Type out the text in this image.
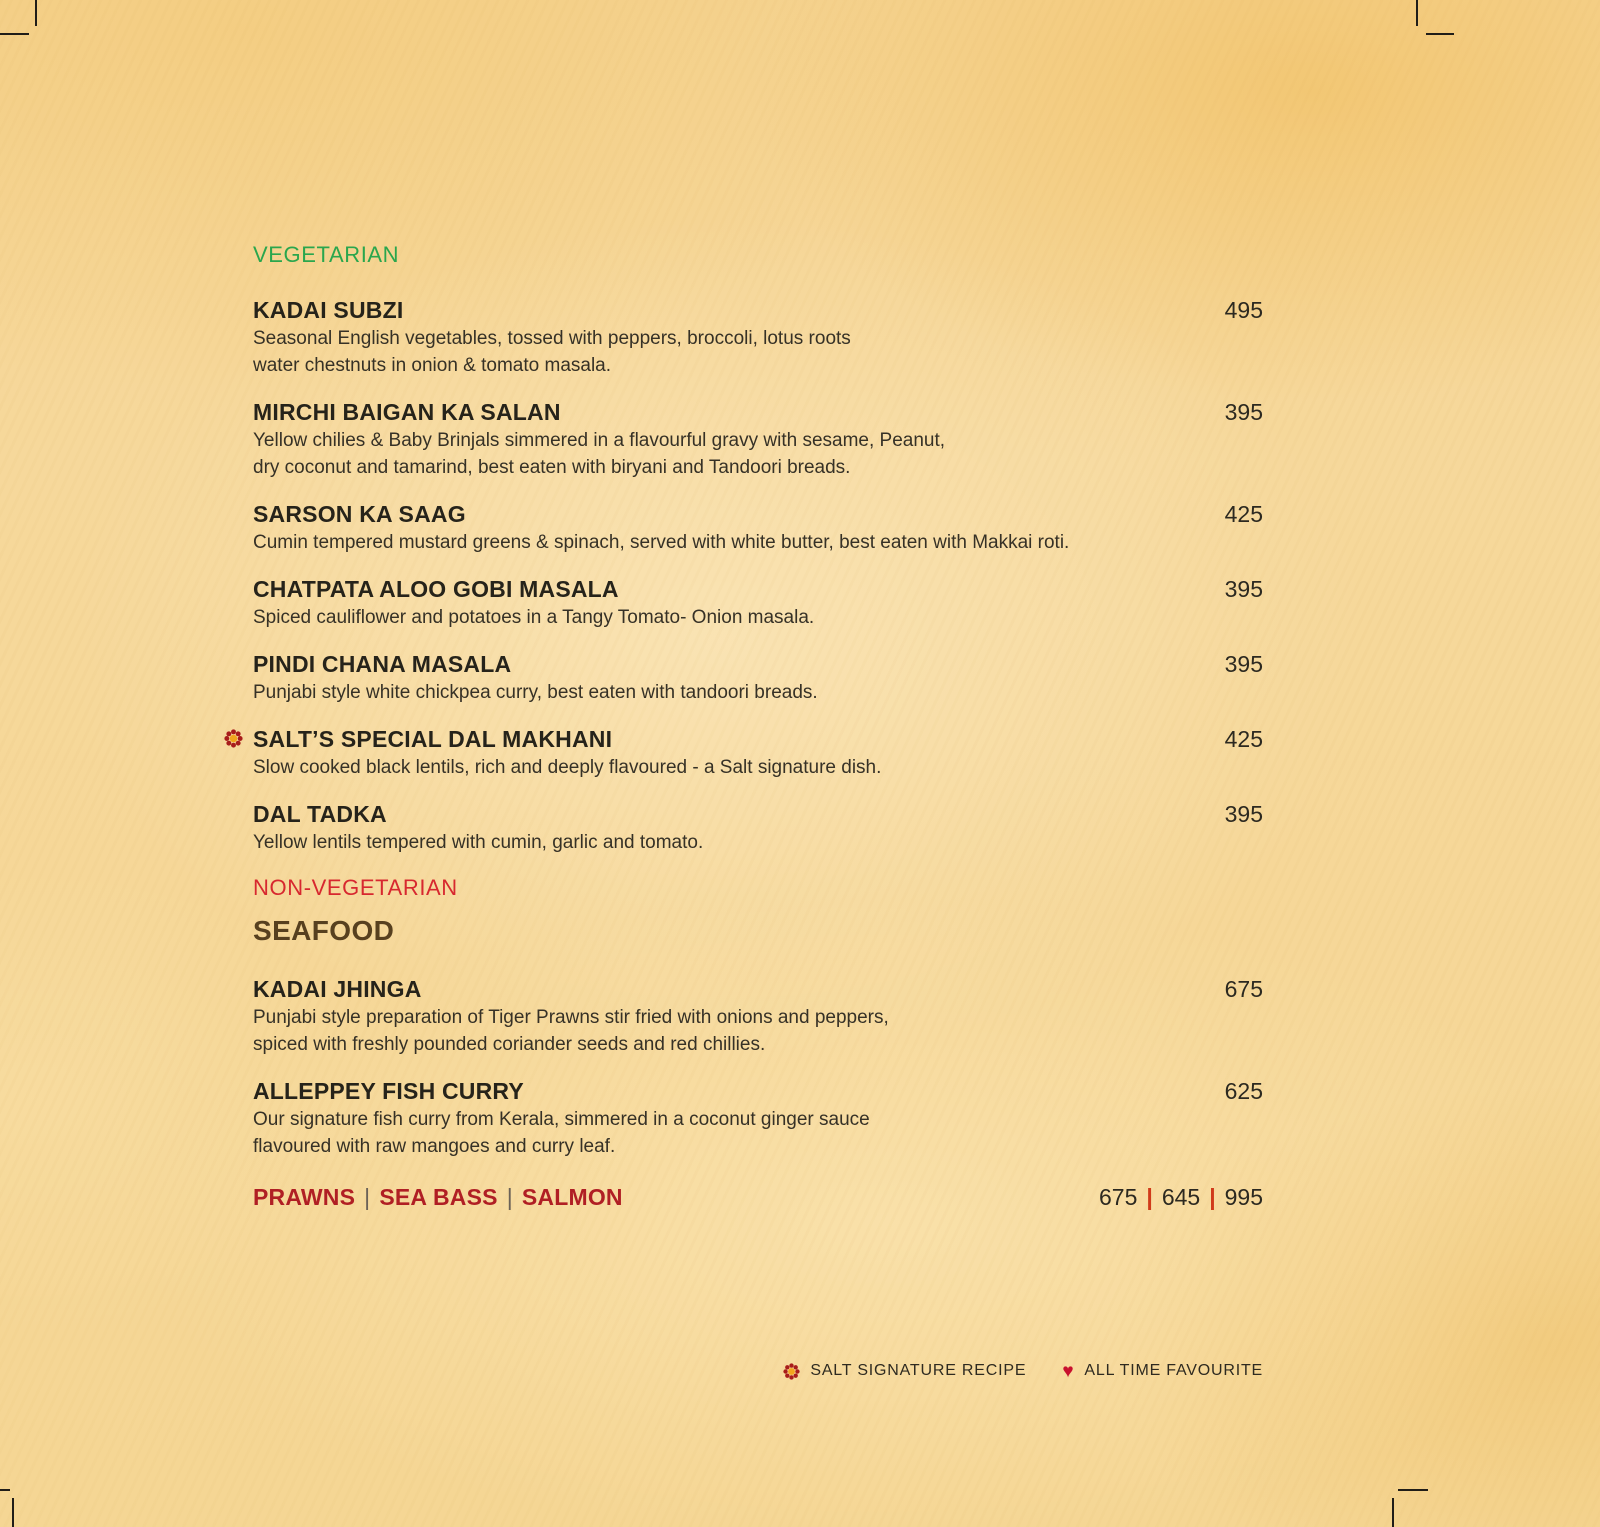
VEGETARIAN
KADAI SUBZI	495

Seasonal English vegetables, tossed with peppers, broccoli, lotus roots

water chestnuts in onion & tomato masala.

MIRCHI BAIGAN KA SALAN	395

Yellow chilies & Baby Brinjals simmered in a flavourful gravy with sesame, Peanut,

dry coconut and tamarind, best eaten with biryani and Tandoori breads.

SARSON KA SAAG	425

Cumin tempered mustard greens & spinach, served with white butter, best eaten with Makkai roti.

CHATPATA ALOO GOBI MASALA	395

Spiced cauliflower and potatoes in a Tangy Tomato- Onion masala.

PINDI CHANA MASALA	395

Punjabi style white chickpea curry, best eaten with tandoori breads.

SALT’S SPECIAL DAL MAKHANI	425

Slow cooked black lentils, rich and deeply flavoured - a Salt signature dish.

DAL TADKA	395

Yellow lentils tempered with cumin, garlic and tomato.

NON-VEGETARIAN
SEAFOOD
KADAI JHINGA	675

Punjabi style preparation of Tiger Prawns stir fried with onions and peppers,

spiced with freshly pounded coriander seeds and red chillies.

ALLEPPEY FISH CURRY	625

Our signature fish curry from Kerala, simmered in a coconut ginger sauce

flavoured with raw mangoes and curry leaf.

PRAWNS | SEA BASS | SALMON	675 | 645 | 995
SALT SIGNATURE RECIPE ♥ ALL TIME FAVOURITE
